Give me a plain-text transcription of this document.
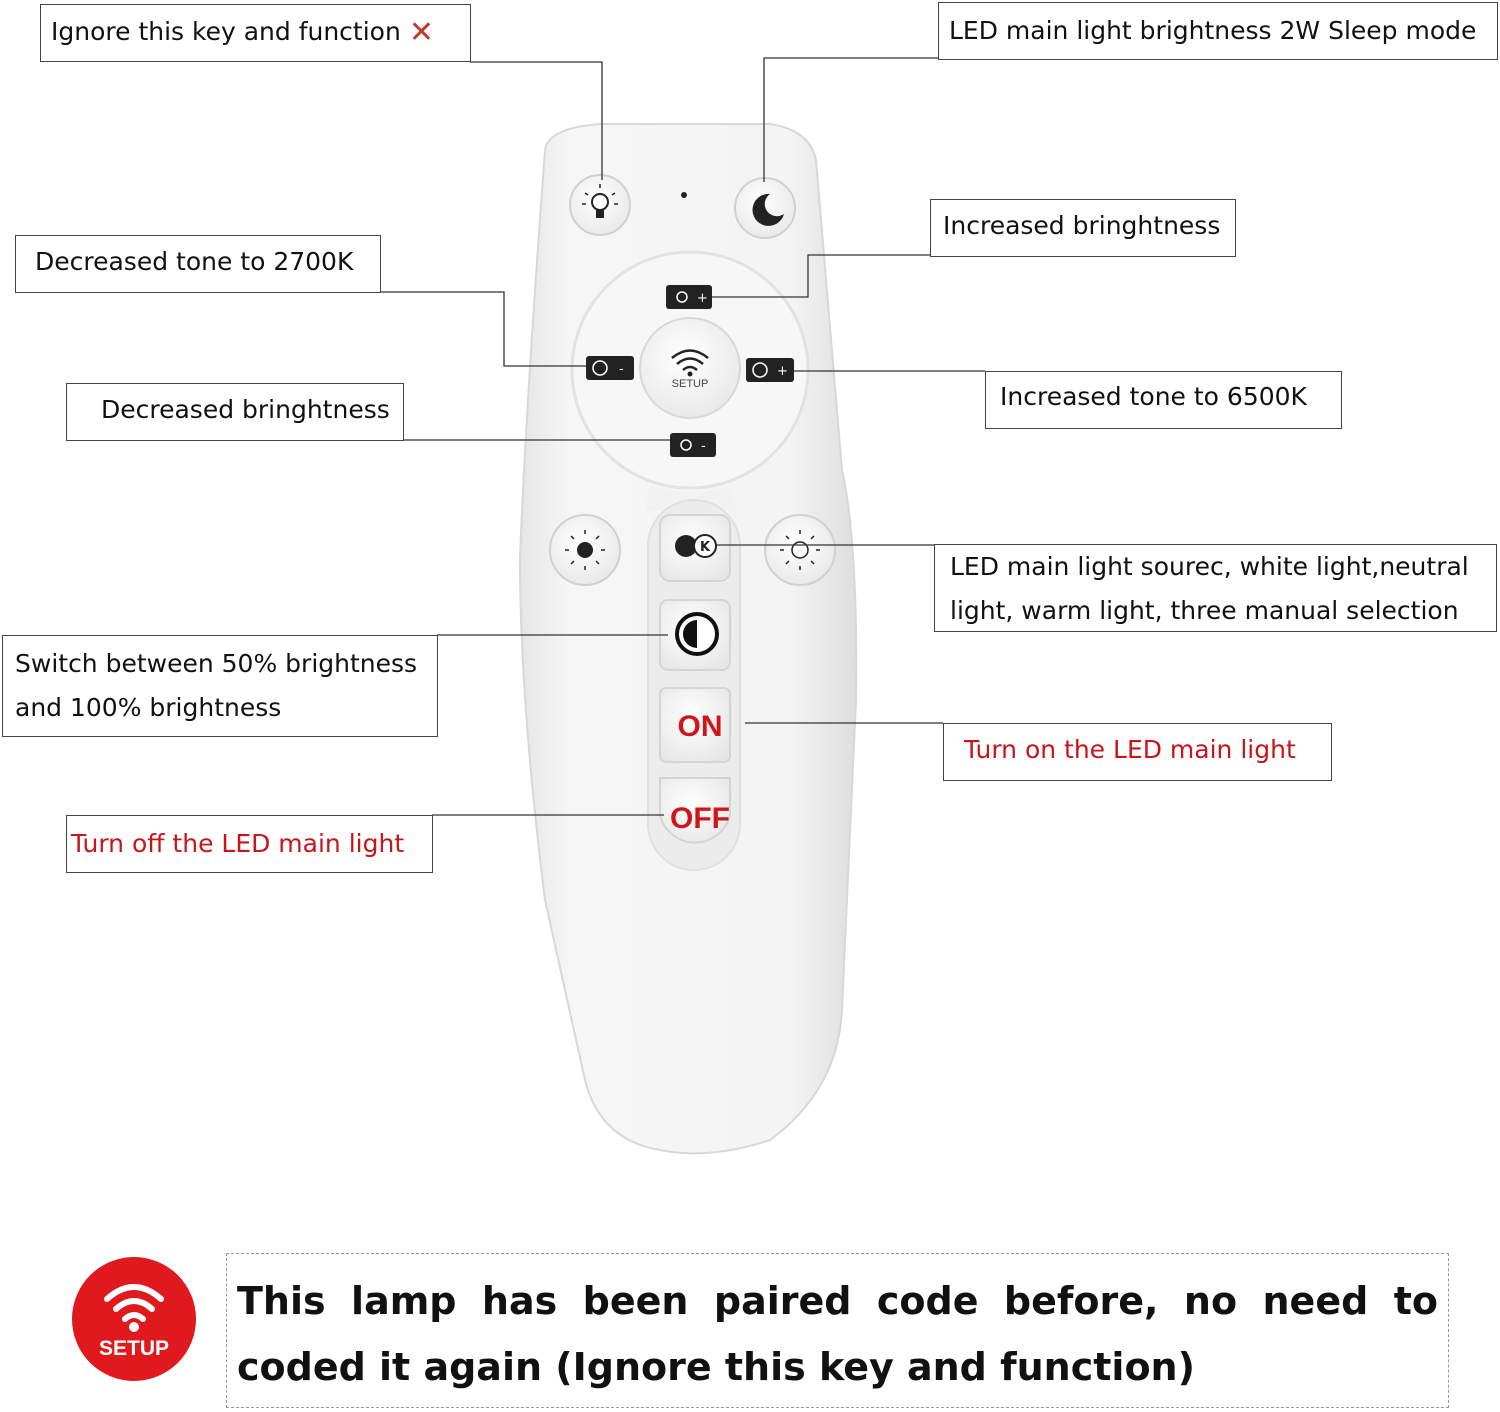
★
+
-	+
-
SETUP
K
ON
OFF
Ignore this key and function ✕	LED main light brightness 2W Sleep mode
Decreased tone to 2700K
Increased bringhtness
Decreased bringhtness	Increased tone to 6500K
LED main light sourec, white light,neutral
light, warm light, three manual selection
Switch between 50% brightness
and 100% brightness
Turn on the LED main light
Turn off the LED main light
SETUP
This lamp has been paired code before, no need to coded it again (Ignore this key and function)
